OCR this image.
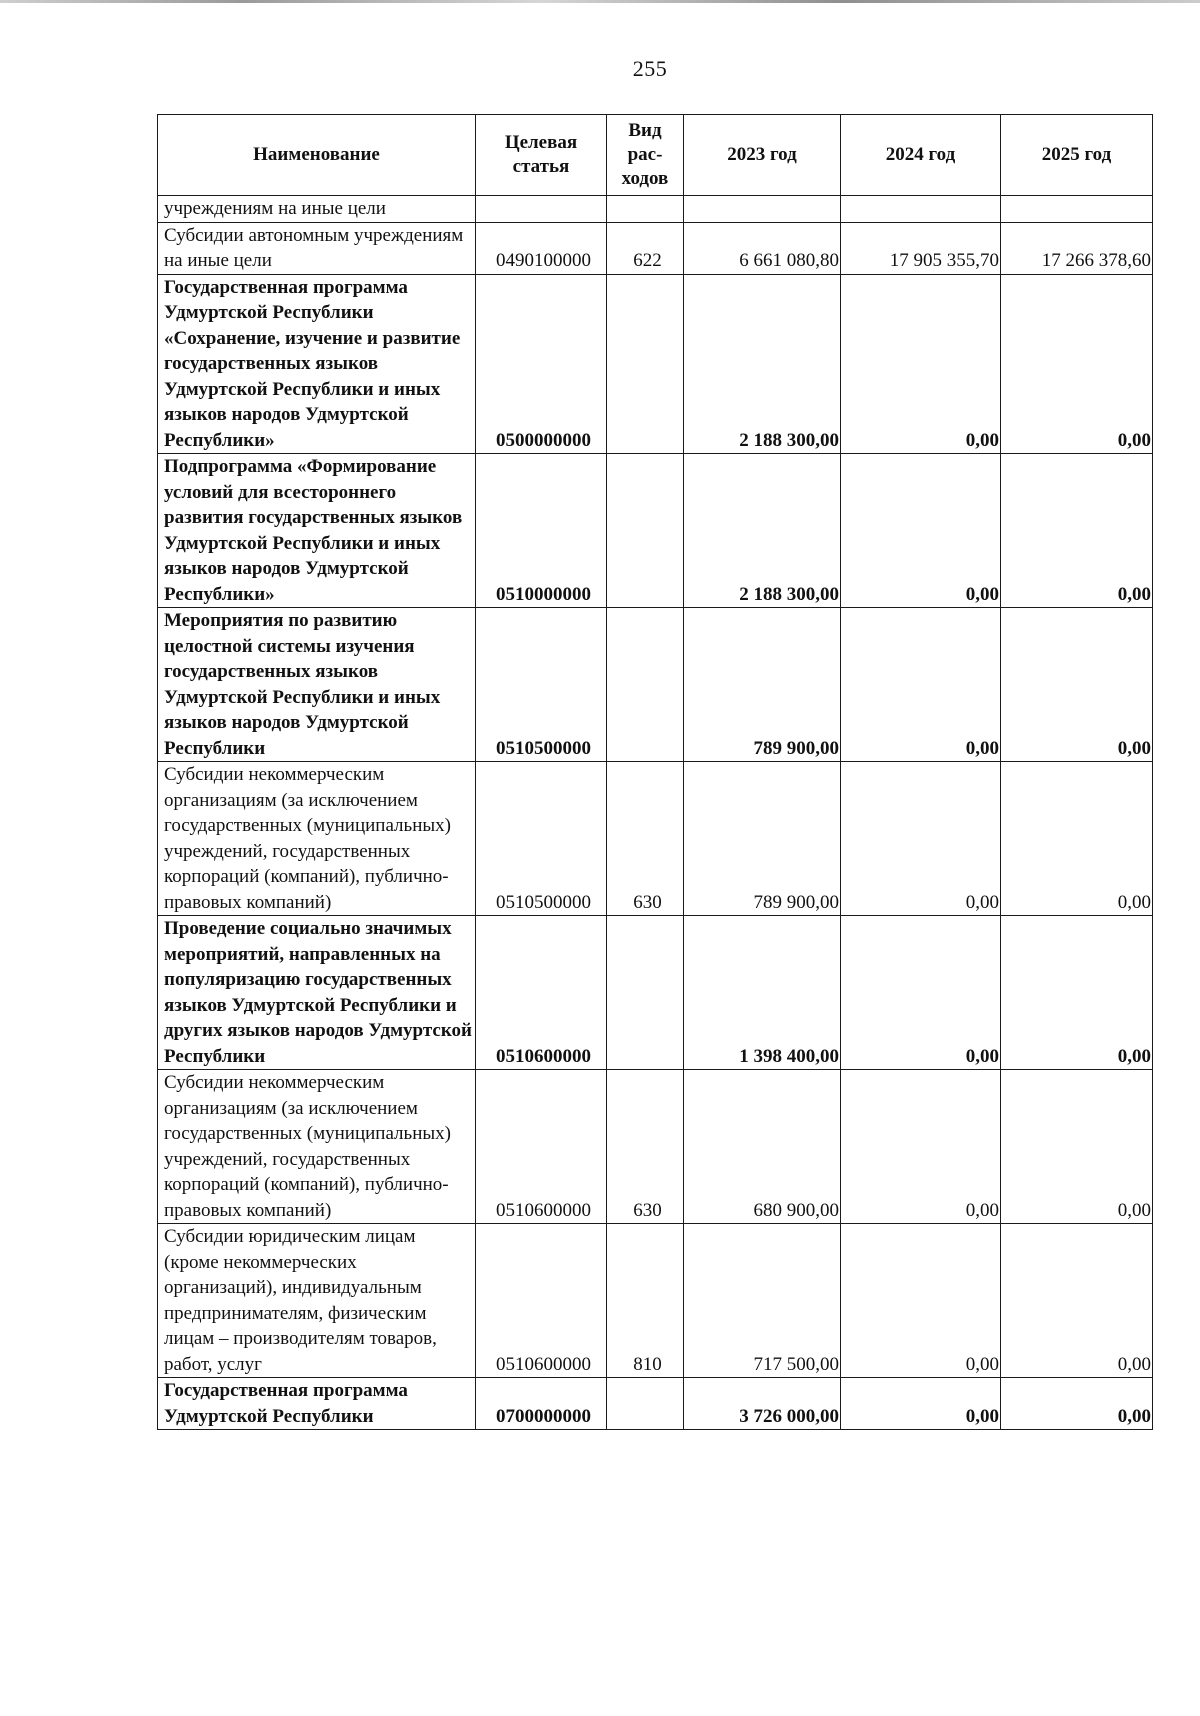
255
Наименование	Целевая статья	Вид рас-ходов	2023 год	2024 год	2025 год
учреждениям на иные цели					
Субсидии автономным учреждениям на иные цели	0490100000	622	6 661 080,80	17 905 355,70	17 266 378,60
Государственная программа Удмуртской Республики «Сохранение, изучение и развитие государственных языков Удмуртской Республики и иных языков народов Удмуртской Республики»	0500000000		2 188 300,00	0,00	0,00
Подпрограмма «Формирование условий для всестороннего развития государственных языков Удмуртской Республики и иных языков народов Удмуртской Республики»	0510000000		2 188 300,00	0,00	0,00
Мероприятия по развитию целостной системы изучения государственных языков Удмуртской Республики и иных языков народов Удмуртской Республики	0510500000		789 900,00	0,00	0,00
Субсидии некоммерческим организациям (за исключением государственных (муниципальных) учреждений, государственных корпораций (компаний), публично-правовых компаний)	0510500000	630	789 900,00	0,00	0,00
Проведение социально значимых мероприятий, направленных на популяризацию государственных языков Удмуртской Республики и других языков народов Удмуртской Республики	0510600000		1 398 400,00	0,00	0,00
Субсидии некоммерческим организациям (за исключением государственных (муниципальных) учреждений, государственных корпораций (компаний), публично-правовых компаний)	0510600000	630	680 900,00	0,00	0,00
Субсидии юридическим лицам (кроме некоммерческих организаций), индивидуальным предпринимателям, физическим лицам – производителям товаров, работ, услуг	0510600000	810	717 500,00	0,00	0,00
Государственная программа Удмуртской Республики	0700000000		3 726 000,00	0,00	0,00
